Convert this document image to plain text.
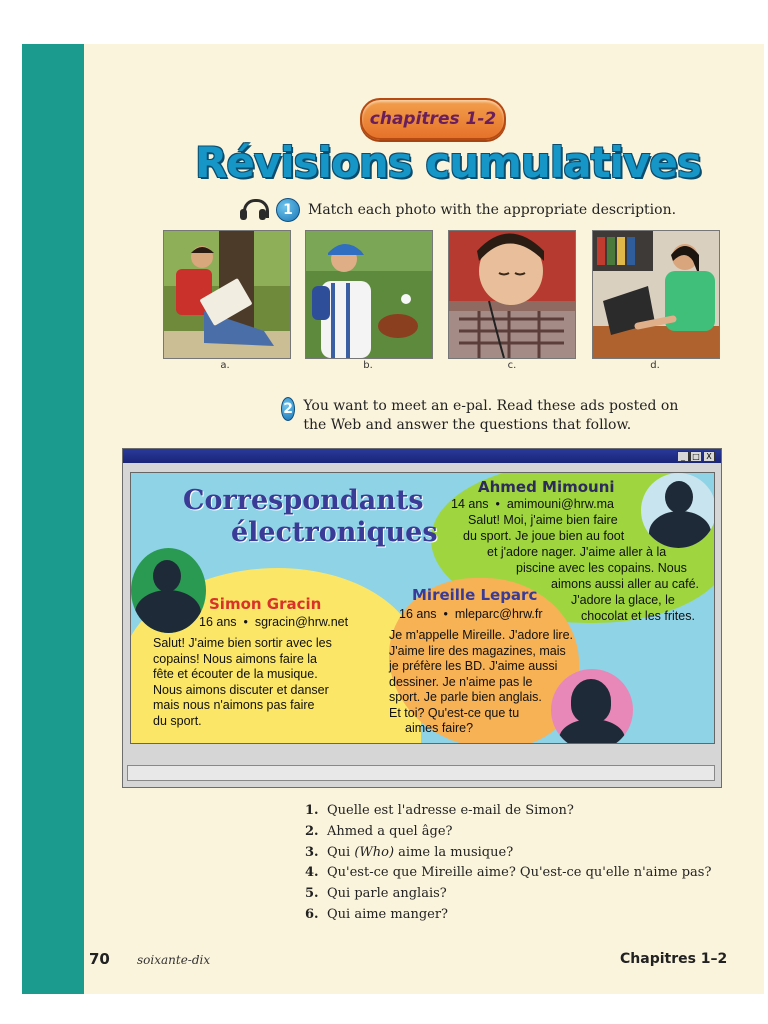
chapitres 1-2
Révisions cumulatives
1	Match each photo with the appropriate description.
a.	b.	c.	d.
2 You want to meet an e-pal. Read these ads posted on the Web and answer the questions that follow.
_ □ X
Correspondants
électroniques
Ahmed Mimouni
14 ans  •  amimouni@hrw.ma
Salut! Moi, j'aime bien faire
du sport. Je joue bien au foot
et j'adore nager. J'aime aller à la
piscine avec les copains. Nous
aimons aussi aller au café.
J'adore la glace, le
chocolat et les frites.
Simon Gracin
16 ans  •  sgracin@hrw.net
Salut! J'aime bien sortir avec les
copains! Nous aimons faire la
fête et écouter de la musique.
Nous aimons discuter et danser
mais nous n'aimons pas faire
du sport.
Mireille Leparc
16 ans  •  mleparc@hrw.fr
Je m'appelle Mireille. J'adore lire.
J'aime lire des magazines, mais
je préfère les BD. J'aime aussi
dessiner. Je n'aime pas le
sport. Je parle bien anglais.
Et toi? Qu'est-ce que tu
aimes faire?
1. Quelle est l'adresse e-mail de Simon?
2. Ahmed a quel âge?
3. Qui (Who) aime la musique?
4. Qu'est-ce que Mireille aime? Qu'est-ce qu'elle n'aime pas?
5. Qui parle anglais?
6. Qui aime manger?
70 soixante-dix	Chapitres 1–2
